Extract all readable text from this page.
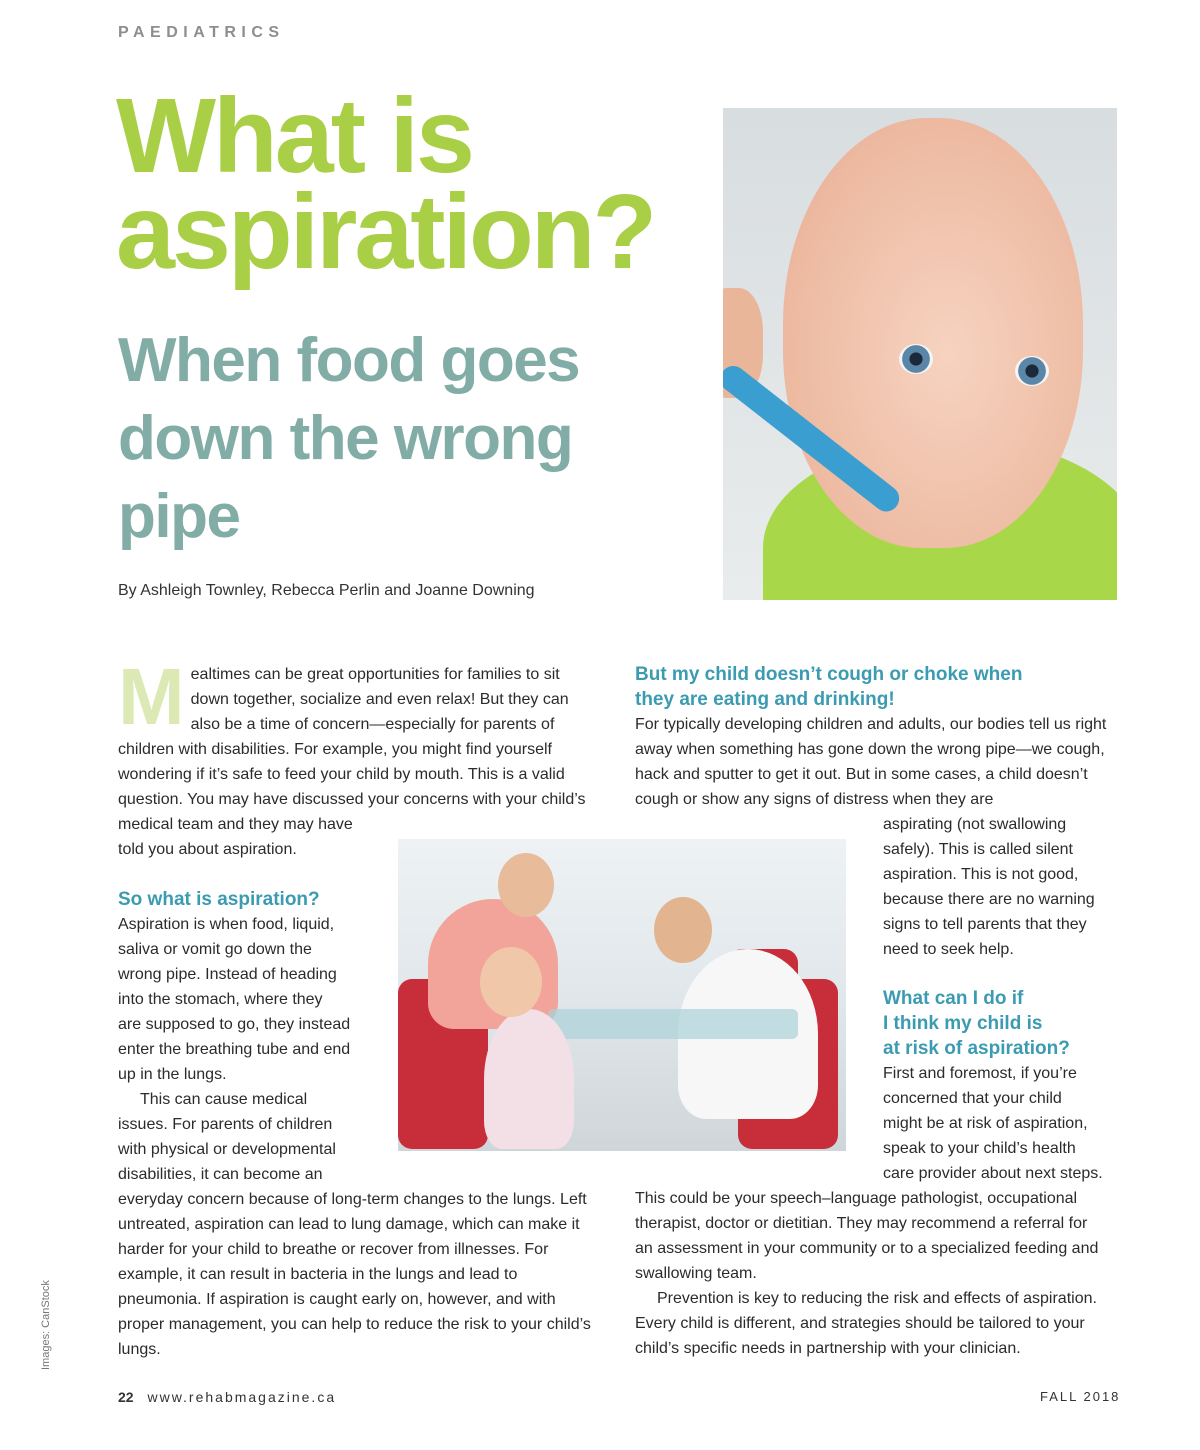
PAEDIATRICS
What is aspiration?
When food goes down the wrong pipe
By Ashleigh Townley, Rebecca Perlin and Joanne Downing

Mealtimes can be great opportunities for families to sit down together, socialize and even relax! But they can also be a time of concern—especially for parents of children with disabilities. For example, you might find yourself wondering if it’s safe to feed your child by mouth. This is a valid question. You may have discussed your concerns with your child’s medical team and they may have
told you about aspiration.

So what is aspiration?
Aspiration is when food, liquid,
saliva or vomit go down the
wrong pipe. Instead of heading
into the stomach, where they
are supposed to go, they instead
enter the breathing tube and end
up in the lungs.
This can cause medical
issues. For parents of children
with physical or developmental
disabilities, it can become an

everyday concern because of long-term changes to the lungs. Left untreated, aspiration can lead to lung damage, which can make it harder for your child to breathe or recover from illnesses. For example, it can result in bacteria in the lungs and lead to pneumonia. If aspiration is caught early on, however, and with proper management, you can help to reduce the risk to your child’s lungs.

But my child doesn’t cough or choke when they are eating and drinking!

For typically developing children and adults, our bodies tell us right away when something has gone down the wrong pipe—we cough, hack and sputter to get it out. But in some cases, a child doesn’t cough or show any signs of distress when they are

aspirating (not swallowing
safely). This is called silent
aspiration. This is not good,
because there are no warning
signs to tell parents that they
need to seek help.
What can I do if
I think my child is
at risk of aspiration?
First and foremost, if you’re
concerned that your child
might be at risk of aspiration,
speak to your child’s health
care provider about next steps.

This could be your speech–language pathologist, occupational therapist, doctor or dietitian. They may recommend a referral for an assessment in your community or to a specialized feeding and swallowing team.

Prevention is key to reducing the risk and effects of aspiration. Every child is different, and strategies should be tailored to your child’s specific needs in partnership with your clinician.

Images: CanStock
22 www.rehabmagazine.ca	FALL 2018
